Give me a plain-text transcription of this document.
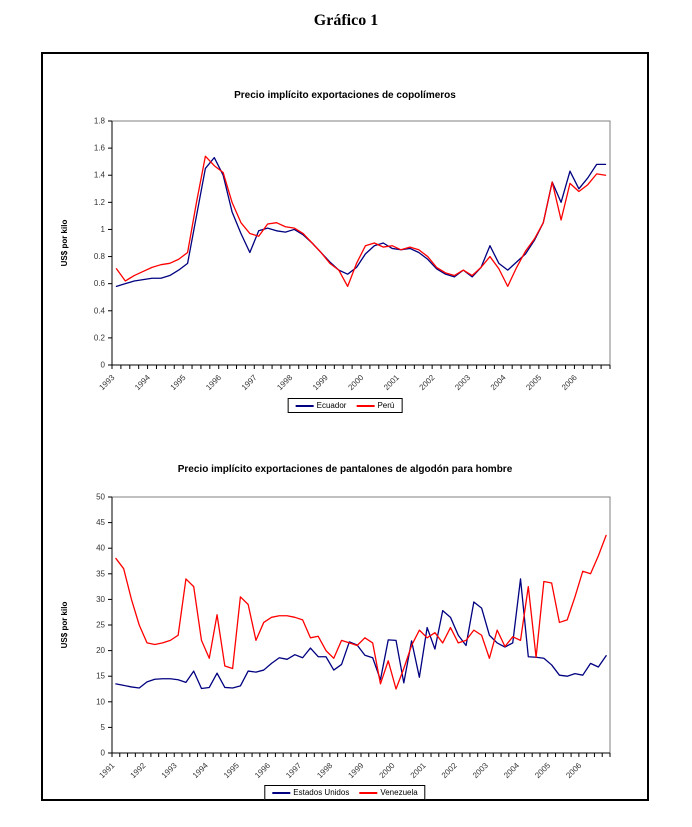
Gráfico 1
Precio implícito exportaciones de copolímeros
0
0.2
0.4
0.6
0.8
1
1.2
1.4
1.6
1.8
1993 1994 1995 1996 1997 1998 1999 2000 2001 2002 2003 2004 2005 2006
US$ por kilo
Ecuador	Perú
Precio implícito exportaciones de pantalones de algodón para hombre
0
5
10
15
20
25
30
35
40
45
50
1991 1992 1993 1994 1995 1996 1997 1998 1999 2000 2001 2002 2003 2004 2005 2006
US$ por kilo
Estados Unidos	Venezuela
